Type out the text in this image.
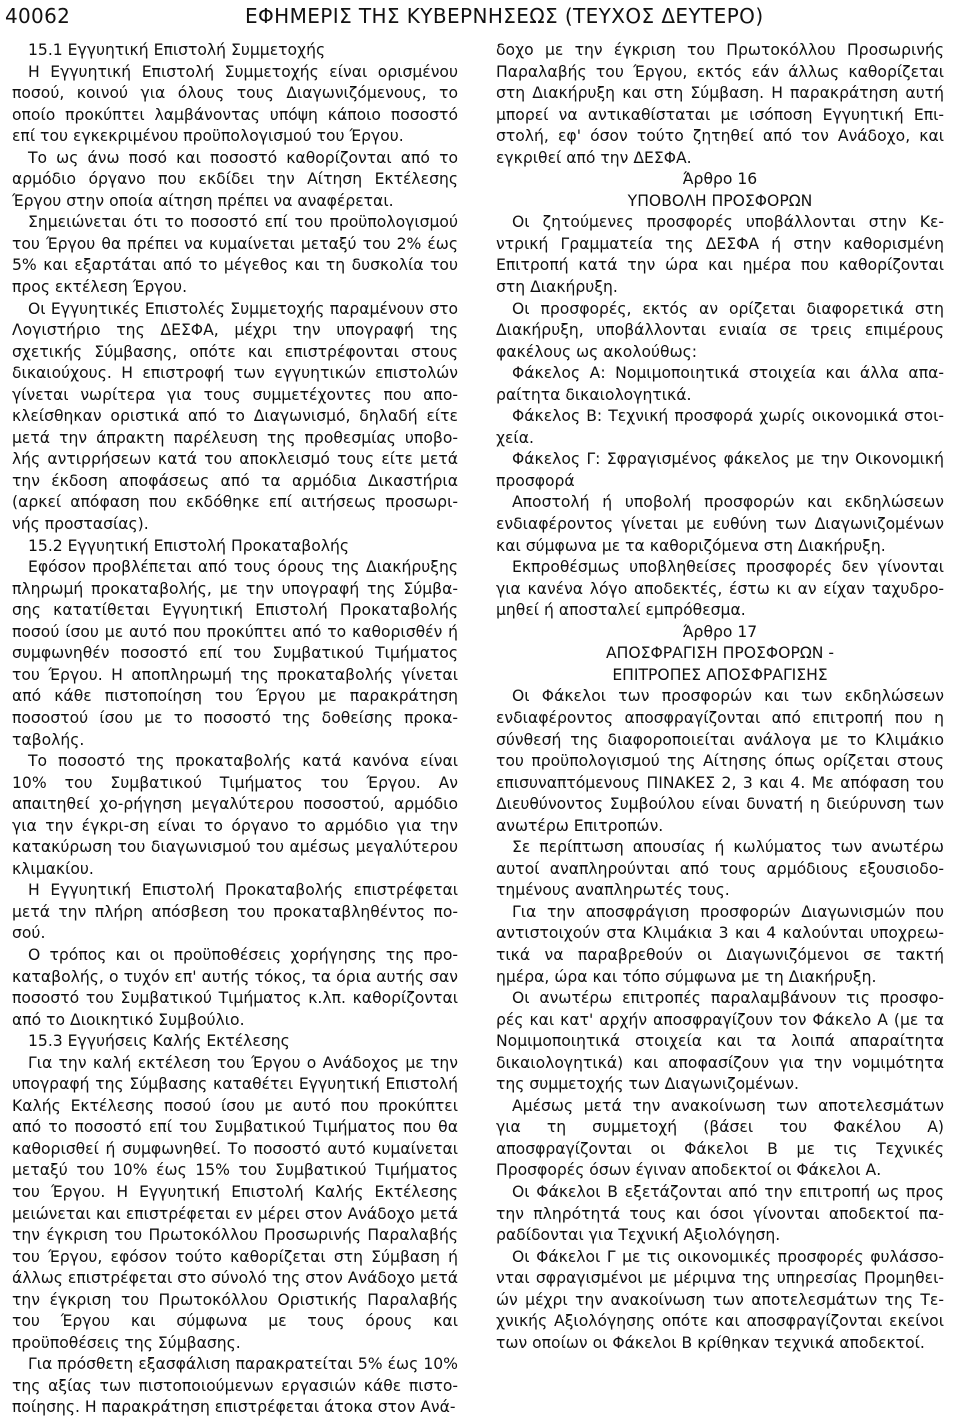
40062	ΕΦΗΜΕΡΙΣ ΤΗΣ ΚΥΒΕΡΝΗΣΕΩΣ (ΤΕΥΧΟΣ ΔΕΥΤΕΡΟ)

15.1 Εγγυητική Επιστολή Συμμετοχής

Η Εγγυητική Επιστολή Συμμετοχής είναι ορισμένου ποσού, κοινού για όλους τους Διαγωνιζόμενους, το οποίο προκύπτει λαμβάνοντας υπόψη κάποιο ποσοστό επί του εγκεκριμένου προϋπολογισμού του Έργου.

Το ως άνω ποσό και ποσοστό καθορίζονται από το αρμόδιο όργανο που εκδίδει την Αίτηση Εκτέλεσης Έργου στην οποία αίτηση πρέπει να αναφέρεται.

Σημειώνεται ότι το ποσοστό επί του προϋπολογισμού του Έργου θα πρέπει να κυμαίνεται μεταξύ του 2% έως 5% και εξαρτάται από το μέγεθος και τη δυσκολία του προς εκτέλεση Έργου.

Οι Εγγυητικές Επιστολές Συμμετοχής παραμένουν στο Λογιστήριο της ΔΕΣΦΑ, μέχρι την υπογραφή της σχετικής Σύμβασης, οπότε και επιστρέφονται στους δικαιούχους. Η επιστροφή των εγγυητικών επιστολών γίνεται νωρίτερα για τους συμμετέχοντες που απο-κλείσθηκαν οριστικά από το Διαγωνισμό, δηλαδή είτε μετά την άπρακτη παρέλευση της προθεσμίας υποβο-λής αντιρρήσεων κατά του αποκλεισμό τους είτε μετά την έκδοση αποφάσεως από τα αρμόδια Δικαστήρια (αρκεί απόφαση που εκδόθηκε επί αιτήσεως προσωρι-νής προστασίας).

15.2 Εγγυητική Επιστολή Προκαταβολής

Εφόσον προβλέπεται από τους όρους της Διακήρυξης πληρωμή προκαταβολής, με την υπογραφή της Σύμβα-σης κατατίθεται Εγγυητική Επιστολή Προκαταβολής ποσού ίσου με αυτό που προκύπτει από το καθορισθέν ή συμφωνηθέν ποσοστό επί του Συμβατικού Τιμήματος του Έργου. Η αποπληρωμή της προκαταβολής γίνεται από κάθε πιστοποίηση του Έργου με παρακράτηση ποσοστού ίσου με το ποσοστό της δοθείσης προκα-ταβολής.

Το ποσοστό της προκαταβολής κατά κανόνα είναι 10% του Συμβατικού Τιμήματος του Έργου. Αν απαιτηθεί χο-ρήγηση μεγαλύτερου ποσοστού, αρμόδιο για την έγκρι-ση είναι το όργανο το αρμόδιο για την κατακύρωση του διαγωνισμού του αμέσως μεγαλύτερου κλιμακίου.

Η Εγγυητική Επιστολή Προκαταβολής επιστρέφεται μετά την πλήρη απόσβεση του προκαταβληθέντος πο-σού.

Ο τρόπος και οι προϋποθέσεις χορήγησης της προ-καταβολής, ο τυχόν επ' αυτής τόκος, τα όρια αυτής σαν ποσοστό του Συμβατικού Τιμήματος κ.λπ. καθορίζονται από το Διοικητικό Συμβούλιο.

15.3 Εγγυήσεις Καλής Εκτέλεσης

Για την καλή εκτέλεση του Έργου ο Ανάδοχος με την υπογραφή της Σύμβασης καταθέτει Εγγυητική Επιστολή Καλής Εκτέλεσης ποσού ίσου με αυτό που προκύπτει από το ποσοστό επί του Συμβατικού Τιμήματος που θα καθορισθεί ή συμφωνηθεί. Το ποσοστό αυτό κυμαίνεται μεταξύ του 10% έως 15% του Συμβατικού Τιμήματος του Έργου. Η Εγγυητική Επιστολή Καλής Εκτέλεσης μειώνεται και επιστρέφεται εν μέρει στον Ανάδοχο μετά την έγκριση του Πρωτοκόλλου Προσωρινής Παραλαβής του Έργου, εφόσον τούτο καθορίζεται στη Σύμβαση ή άλλως επιστρέφεται στο σύνολό της στον Ανάδοχο μετά την έγκριση του Πρωτοκόλλου Οριστικής Παραλαβής του Έργου και σύμφωνα με τους όρους και προϋποθέσεις της Σύμβασης.

Για πρόσθετη εξασφάλιση παρακρατείται 5% έως 10% της αξίας των πιστοποιούμενων εργασιών κάθε πιστο-ποίησης. Η παρακράτηση επιστρέφεται άτοκα στον Ανά-

δοχο με την έγκριση του Πρωτοκόλλου Προσωρινής Παραλαβής του Έργου, εκτός εάν άλλως καθορίζεται στη Διακήρυξη και στη Σύμβαση. Η παρακράτηση αυτή μπορεί να αντικαθίσταται με ισόποση Εγγυητική Επι-στολή, εφ' όσον τούτο ζητηθεί από τον Ανάδοχο, και εγκριθεί από την ΔΕΣΦΑ.

Άρθρο 16

ΥΠΟΒΟΛΗ ΠΡΟΣΦΟΡΩΝ

Οι ζητούμενες προσφορές υποβάλλονται στην Κε-ντρική Γραμματεία της ΔΕΣΦΑ ή στην καθορισμένη Επιτροπή κατά την ώρα και ημέρα που καθορίζονται στη Διακήρυξη.

Οι προσφορές, εκτός αν ορίζεται διαφορετικά στη Διακήρυξη, υποβάλλονται ενιαία σε τρεις επιμέρους φακέλους ως ακολούθως:

Φάκελος Α: Νομιμοποιητικά στοιχεία και άλλα απα-ραίτητα δικαιολογητικά.

Φάκελος Β: Τεχνική προσφορά χωρίς οικονομικά στοι-χεία.

Φάκελος Γ: Σφραγισμένος φάκελος με την Οικονομική προσφορά

Αποστολή ή υποβολή προσφορών και εκδηλώσεων ενδιαφέροντος γίνεται με ευθύνη των Διαγωνιζομένων και σύμφωνα με τα καθοριζόμενα στη Διακήρυξη.

Εκπροθέσμως υποβληθείσες προσφορές δεν γίνονται για κανένα λόγο αποδεκτές, έστω κι αν είχαν ταχυδρο-μηθεί ή αποσταλεί εμπρόθεσμα.

Άρθρο 17

ΑΠΟΣΦΡΑΓΙΣΗ ΠΡΟΣΦΟΡΩΝ -

ΕΠΙΤΡΟΠΕΣ ΑΠΟΣΦΡΑΓΙΣΗΣ

Οι Φάκελοι των προσφορών και των εκδηλώσεων ενδιαφέροντος αποσφραγίζονται από επιτροπή που η σύνθεσή της διαφοροποιείται ανάλογα με το Κλιμάκιο του προϋπολογισμού της Αίτησης όπως ορίζεται στους επισυναπτόμενους ΠΙΝΑΚΕΣ 2, 3 και 4. Με απόφαση του Διευθύνοντος Συμβούλου είναι δυνατή η διεύρυνση των ανωτέρω Επιτροπών.

Σε περίπτωση απουσίας ή κωλύματος των ανωτέρω αυτοί αναπληρούνται από τους αρμόδιους εξουσιοδο-τημένους αναπληρωτές τους.

Για την αποσφράγιση προσφορών Διαγωνισμών που αντιστοιχούν στα Κλιμάκια 3 και 4 καλούνται υποχρεω-τικά να παραβρεθούν οι Διαγωνιζόμενοι σε τακτή ημέρα, ώρα και τόπο σύμφωνα με τη Διακήρυξη.

Οι ανωτέρω επιτροπές παραλαμβάνουν τις προσφο-ρές και κατ' αρχήν αποσφραγίζουν τον Φάκελο Α (με τα Νομιμοποιητικά στοιχεία και τα λοιπά απαραίτητα δικαιολογητικά) και αποφασίζουν για την νομιμότητα της συμμετοχής των Διαγωνιζομένων.

Αμέσως μετά την ανακοίνωση των αποτελεσμάτων για τη συμμετοχή (βάσει του Φακέλου Α) αποσφραγίζονται οι Φάκελοι Β με τις Τεχνικές Προσφορές όσων έγιναν αποδεκτοί οι Φάκελοι Α.

Οι Φάκελοι Β εξετάζονται από την επιτροπή ως προς την πληρότητά τους και όσοι γίνονται αποδεκτοί πα-ραδίδονται για Τεχνική Αξιολόγηση.

Οι Φάκελοι Γ με τις οικονομικές προσφορές φυλάσσο-νται σφραγισμένοι με μέριμνα της υπηρεσίας Προμηθει-ών μέχρι την ανακοίνωση των αποτελεσμάτων της Τε-χνικής Αξιολόγησης οπότε και αποσφραγίζονται εκείνοι των οποίων οι Φάκελοι Β κρίθηκαν τεχνικά αποδεκτοί.
